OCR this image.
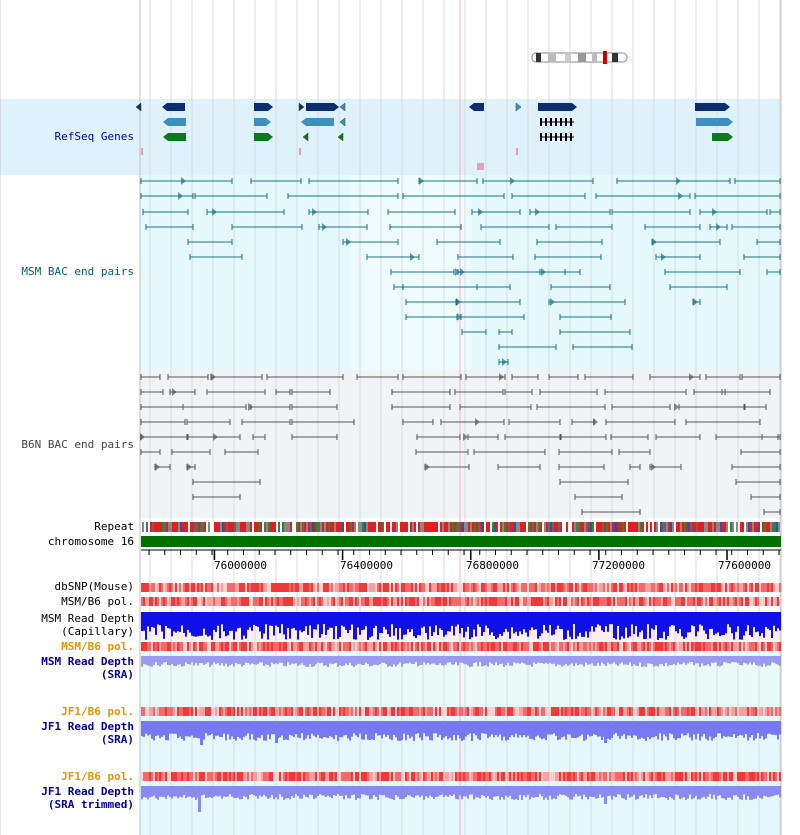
RefSeq Genes
MSM BAC end pairs
B6N BAC end pairs
Repeat
chromosome 16
dbSNP(Mouse)
MSM/B6 pol.
MSM Read Depth
(Capillary)
MSM/B6 pol.
MSM Read Depth
(SRA)
JF1/B6 pol.
JF1 Read Depth
(SRA)
JF1/B6 pol.
JF1 Read Depth
(SRA trimmed)
76000000	76400000	76800000	77200000	77600000
